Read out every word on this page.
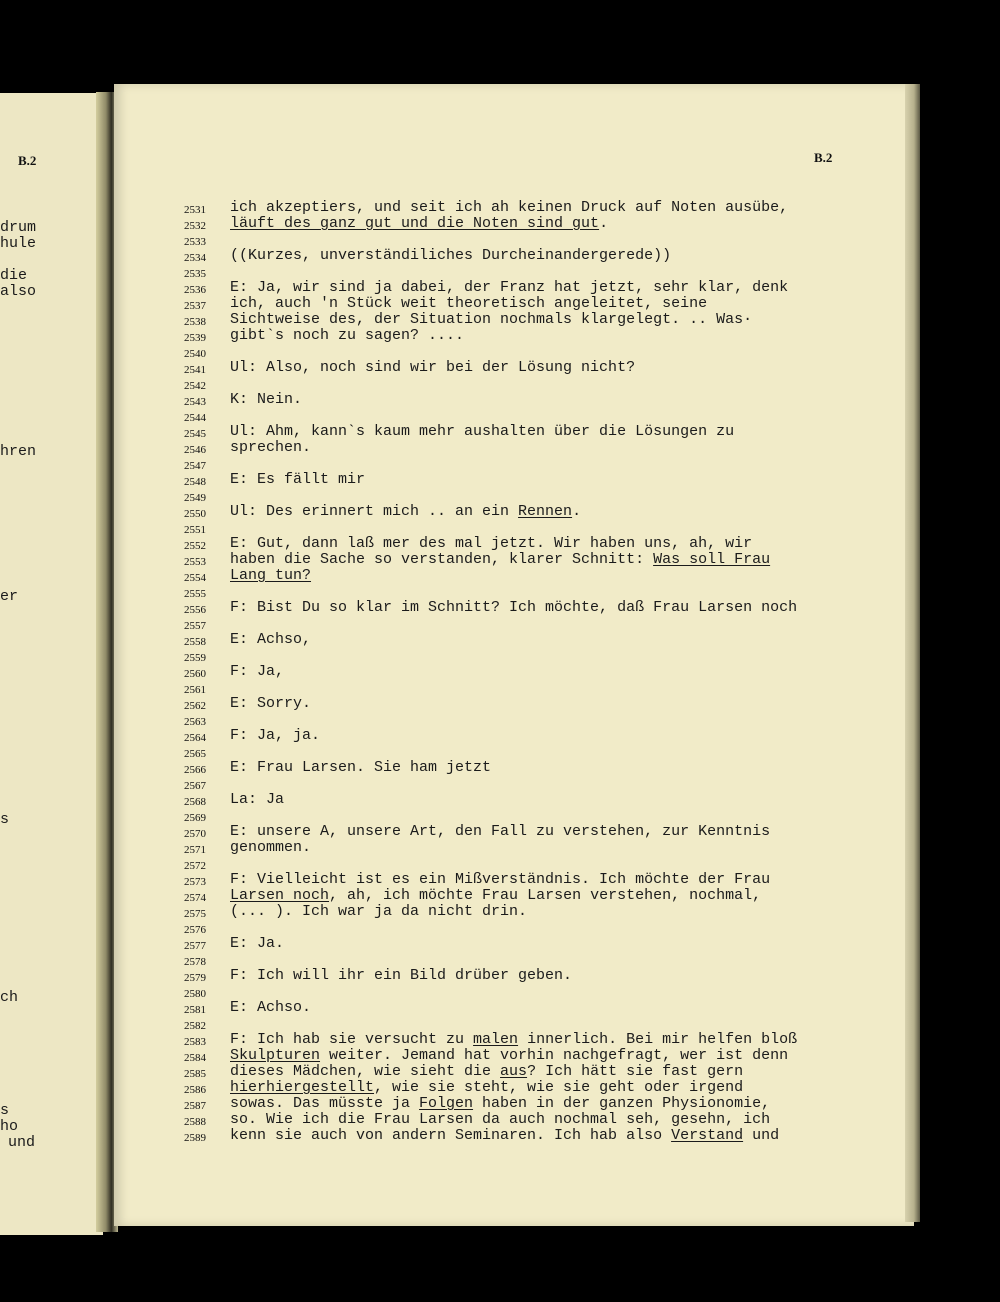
B.2
drum
hule
die
also
hren
er
s
ch
s
ho
und
B.2
2531
2532
2533
2534
2535
2536
2537
2538
2539
2540
2541
2542
2543
2544
2545
2546
2547
2548
2549
2550
2551
2552
2553
2554
2555
2556
2557
2558
2559
2560
2561
2562
2563
2564
2565
2566
2567
2568
2569
2570
2571
2572
2573
2574
2575
2576
2577
2578
2579
2580
2581
2582
2583
2584
2585
2586
2587
2588
2589
ich akzeptiers, und seit ich ah keinen Druck auf Noten ausübe,
läuft des ganz gut und die Noten sind gut.
((Kurzes, unverständiliches Durcheinandergerede))
E: Ja, wir sind ja dabei, der Franz hat jetzt, sehr klar, denk
ich, auch 'n Stück weit theoretisch angeleitet, seine
Sichtweise des, der Situation nochmals klargelegt. .. Was·
gibt`s noch zu sagen? ....
Ul: Also, noch sind wir bei der Lösung nicht?
K: Nein.
Ul: Ahm, kann`s kaum mehr aushalten über die Lösungen zu
sprechen.
E: Es fällt mir
Ul: Des erinnert mich .. an ein Rennen.
E: Gut, dann laß mer des mal jetzt. Wir haben uns, ah, wir
haben die Sache so verstanden, klarer Schnitt: Was soll Frau
Lang tun?
F: Bist Du so klar im Schnitt? Ich möchte, daß Frau Larsen noch
E: Achso,
F: Ja,
E: Sorry.
F: Ja, ja.
E: Frau Larsen. Sie ham jetzt
La: Ja
E: unsere A, unsere Art, den Fall zu verstehen, zur Kenntnis
genommen.
F: Vielleicht ist es ein Mißverständnis. Ich möchte der Frau
Larsen noch, ah, ich möchte Frau Larsen verstehen, nochmal,
(... ). Ich war ja da nicht drin.
E: Ja.
F: Ich will ihr ein Bild drüber geben.
E: Achso.
F: Ich hab sie versucht zu malen innerlich. Bei mir helfen bloß
Skulpturen weiter. Jemand hat vorhin nachgefragt, wer ist denn
dieses Mädchen, wie sieht die aus? Ich hätt sie fast gern
hierhiergestellt, wie sie steht, wie sie geht oder irgend
sowas. Das müsste ja Folgen haben in der ganzen Physionomie,
so. Wie ich die Frau Larsen da auch nochmal seh, gesehn, ich
kenn sie auch von andern Seminaren. Ich hab also Verstand und
